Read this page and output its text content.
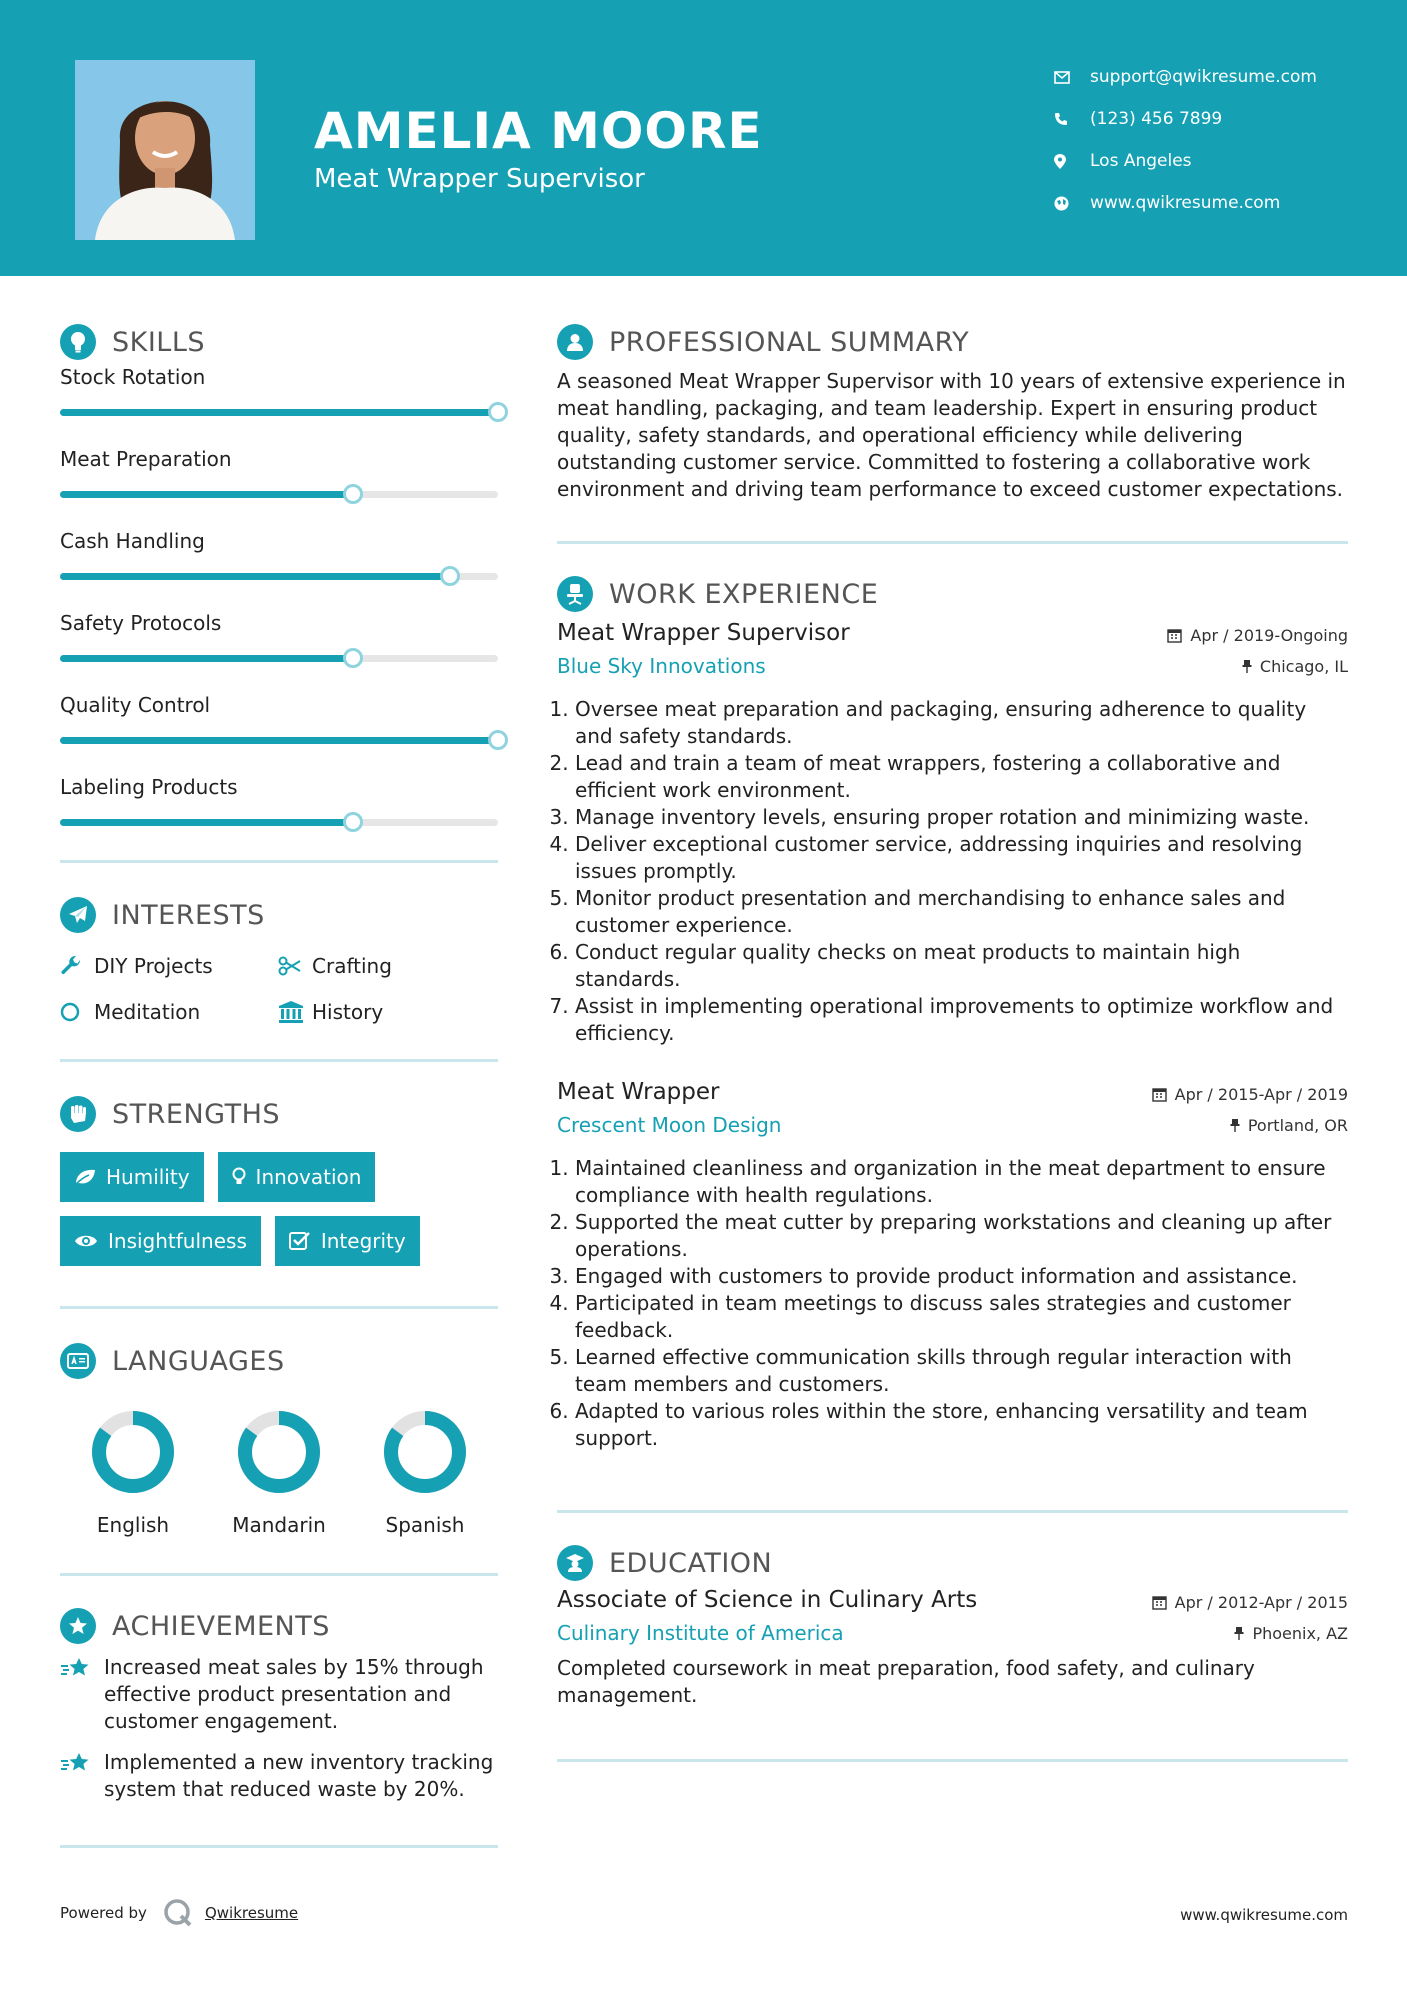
AMELIA MOORE
Meat Wrapper Supervisor
support@qwikresume.com
(123) 456 7899
Los Angeles
www.qwikresume.com
SKILLS
Stock Rotation
Meat Preparation
Cash Handling
Safety Protocols
Quality Control
Labeling Products
INTERESTS
DIY Projects	Crafting
Meditation	History
STRENGTHS
Humility	Innovation
Insightfulness	Integrity
LANGUAGES
English	Mandarin	Spanish
ACHIEVEMENTS
Increased meat sales by 15% through effective product presentation and customer engagement.
Implemented a new inventory tracking system that reduced waste by 20%.
PROFESSIONAL SUMMARY
A seasoned Meat Wrapper Supervisor with 10 years of extensive experience in meat handling, packaging, and team leadership. Expert in ensuring product quality, safety standards, and operational efficiency while delivering outstanding customer service. Committed to fostering a collaborative work environment and driving team performance to exceed customer expectations.
WORK EXPERIENCE
Meat Wrapper Supervisor	Apr / 2019-Ongoing
Blue Sky Innovations	Chicago, IL
1. Oversee meat preparation and packaging, ensuring adherence to quality and safety standards.
2. Lead and train a team of meat wrappers, fostering a collaborative and efficient work environment.
3. Manage inventory levels, ensuring proper rotation and minimizing waste.
4. Deliver exceptional customer service, addressing inquiries and resolving issues promptly.
5. Monitor product presentation and merchandising to enhance sales and customer experience.
6. Conduct regular quality checks on meat products to maintain high standards.
7. Assist in implementing operational improvements to optimize workflow and efficiency.
Meat Wrapper	Apr / 2015-Apr / 2019
Crescent Moon Design	Portland, OR
1. Maintained cleanliness and organization in the meat department to ensure compliance with health regulations.
2. Supported the meat cutter by preparing workstations and cleaning up after operations.
3. Engaged with customers to provide product information and assistance.
4. Participated in team meetings to discuss sales strategies and customer feedback.
5. Learned effective communication skills through regular interaction with team members and customers.
6. Adapted to various roles within the store, enhancing versatility and team support.
EDUCATION
Associate of Science in Culinary Arts	Apr / 2012-Apr / 2015
Culinary Institute of America	Phoenix, AZ
Completed coursework in meat preparation, food safety, and culinary management.
Powered by	Qwikresume	www.qwikresume.com
